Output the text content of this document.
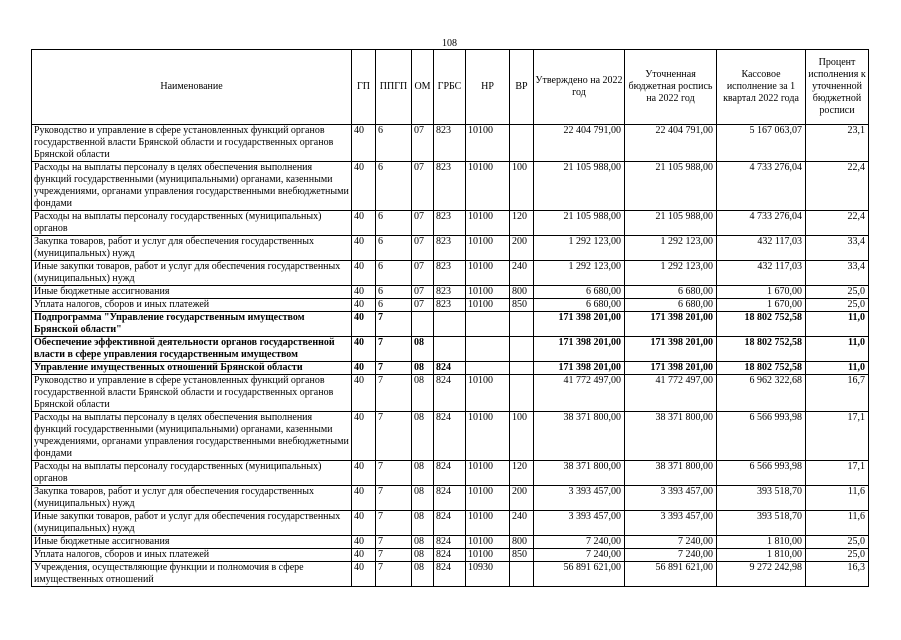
108
Наименование	ГП	ППГП	ОМ	ГРБС	НР	ВР	Утверждено на 2022 год	Уточненная бюджетная роспись на 2022 год	Кассовое исполнение за 1 квартал 2022 года	Процент исполнения к уточненной бюджетной росписи
Руководство и управление в сфере установленных функций органов государственной власти Брянской области и государственных органов Брянской области	40	6	07	823	10100		22 404 791,00	22 404 791,00	5 167 063,07	23,1
Расходы на выплаты персоналу в целях обеспечения выполнения функций государственными (муниципальными) органами, казенными учреждениями, органами управления государственными внебюджетными фондами	40	6	07	823	10100	100	21 105 988,00	21 105 988,00	4 733 276,04	22,4
Расходы на выплаты персоналу государственных (муниципальных) органов	40	6	07	823	10100	120	21 105 988,00	21 105 988,00	4 733 276,04	22,4
Закупка товаров, работ и услуг для обеспечения государственных (муниципальных) нужд	40	6	07	823	10100	200	1 292 123,00	1 292 123,00	432 117,03	33,4
Иные закупки товаров, работ и услуг для обеспечения государственных (муниципальных) нужд	40	6	07	823	10100	240	1 292 123,00	1 292 123,00	432 117,03	33,4
Иные бюджетные ассигнования	40	6	07	823	10100	800	6 680,00	6 680,00	1 670,00	25,0
Уплата налогов, сборов и иных платежей	40	6	07	823	10100	850	6 680,00	6 680,00	1 670,00	25,0
Подпрограмма "Управление государственным имуществом Брянской области"	40	7					171 398 201,00	171 398 201,00	18 802 752,58	11,0
Обеспечение эффективной деятельности органов государственной власти в сфере управления государственным имуществом	40	7	08				171 398 201,00	171 398 201,00	18 802 752,58	11,0
Управление имущественных отношений Брянской области	40	7	08	824			171 398 201,00	171 398 201,00	18 802 752,58	11,0
Руководство и управление в сфере установленных функций органов государственной власти Брянской области и государственных органов Брянской области	40	7	08	824	10100		41 772 497,00	41 772 497,00	6 962 322,68	16,7
Расходы на выплаты персоналу в целях обеспечения выполнения функций государственными (муниципальными) органами, казенными учреждениями, органами управления государственными внебюджетными фондами	40	7	08	824	10100	100	38 371 800,00	38 371 800,00	6 566 993,98	17,1
Расходы на выплаты персоналу государственных (муниципальных) органов	40	7	08	824	10100	120	38 371 800,00	38 371 800,00	6 566 993,98	17,1
Закупка товаров, работ и услуг для обеспечения государственных (муниципальных) нужд	40	7	08	824	10100	200	3 393 457,00	3 393 457,00	393 518,70	11,6
Иные закупки товаров, работ и услуг для обеспечения государственных (муниципальных) нужд	40	7	08	824	10100	240	3 393 457,00	3 393 457,00	393 518,70	11,6
Иные бюджетные ассигнования	40	7	08	824	10100	800	7 240,00	7 240,00	1 810,00	25,0
Уплата налогов, сборов и иных платежей	40	7	08	824	10100	850	7 240,00	7 240,00	1 810,00	25,0
Учреждения, осуществляющие функции и полномочия в сфере имущественных отношений	40	7	08	824	10930		56 891 621,00	56 891 621,00	9 272 242,98	16,3
